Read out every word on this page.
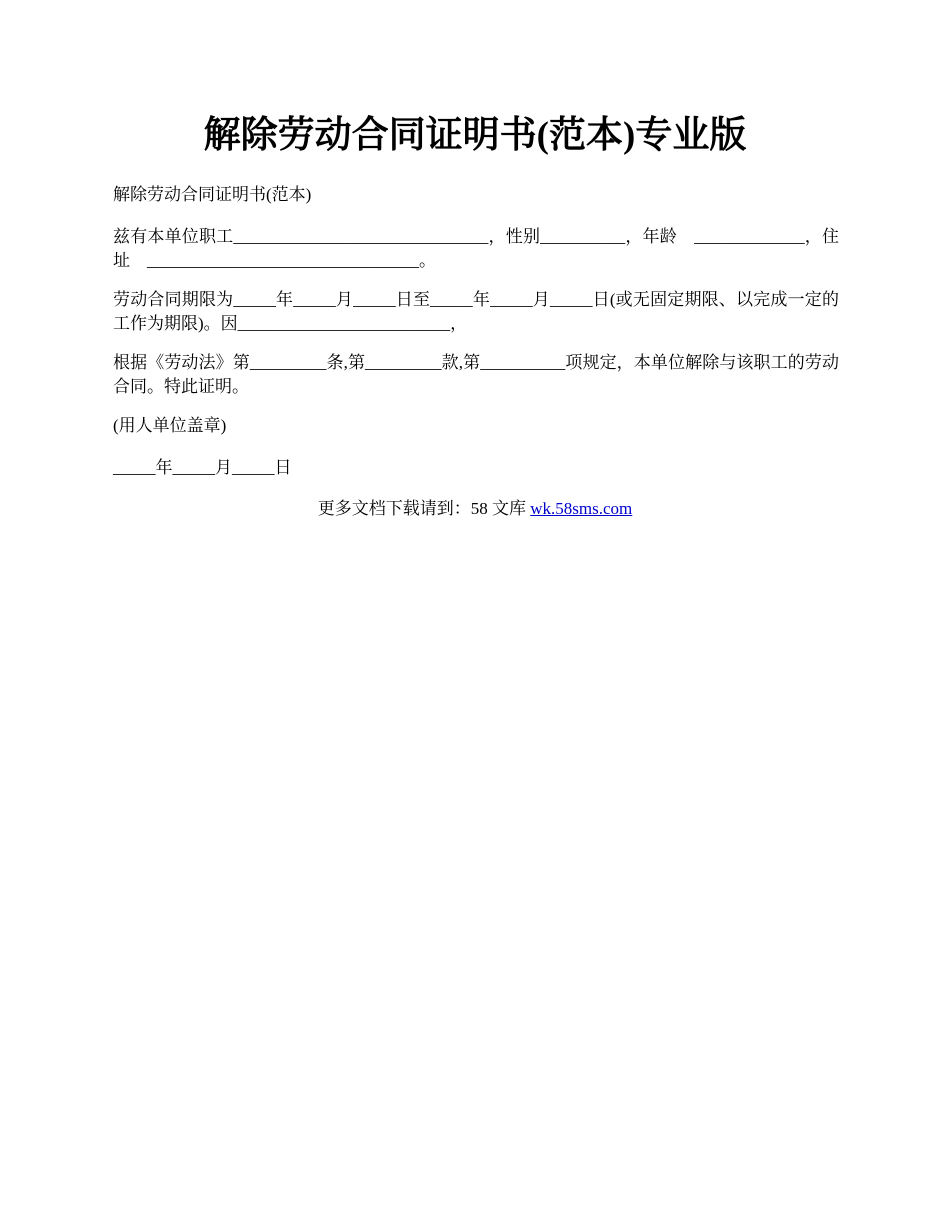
解除劳动合同证明书(范本)专业版

解除劳动合同证明书(范本)

兹有本单位职工______________________________，性别__________，年龄　_____________，住址　________________________________。

劳动合同期限为_____年_____月_____日至_____年_____月_____日(或无固定期限、以完成一定的工作为期限)。因_________________________，

根据《劳动法》第_________条,第_________款,第__________项规定，本单位解除与该职工的劳动合同。特此证明。

(用人单位盖章)

_____年_____月_____日

更多文档下载请到：58 文库 wk.58sms.com
